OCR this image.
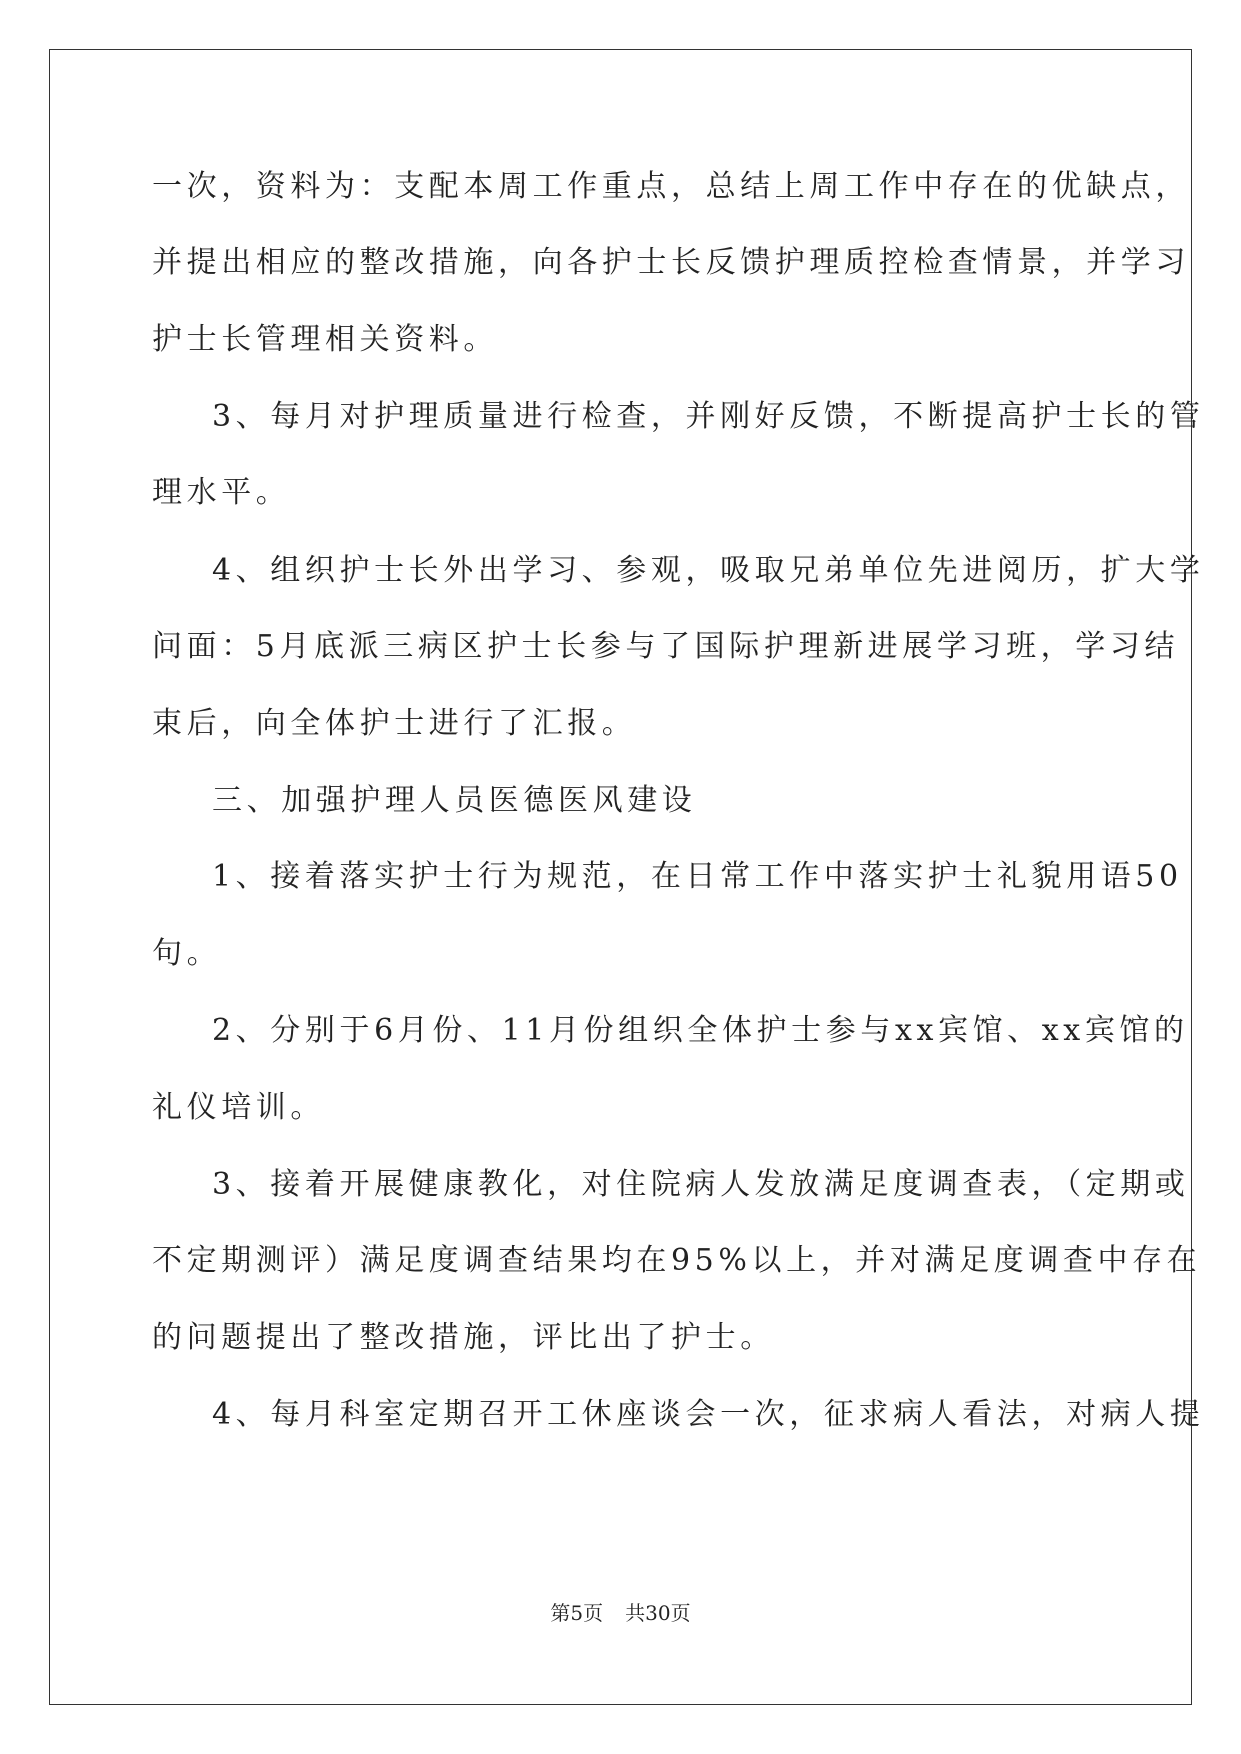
一次，资料为：支配本周工作重点，总结上周工作中存在的优缺点，
并提出相应的整改措施，向各护士长反馈护理质控检查情景，并学习
护士长管理相关资料。
3、每月对护理质量进行检查，并刚好反馈，不断提高护士长的管
理水平。
4、组织护士长外出学习、参观，吸取兄弟单位先进阅历，扩大学
问面：5月底派三病区护士长参与了国际护理新进展学习班，学习结
束后，向全体护士进行了汇报。
三、加强护理人员医德医风建设
1、接着落实护士行为规范，在日常工作中落实护士礼貌用语50
句。
2、分别于6月份、11月份组织全体护士参与xx宾馆、xx宾馆的
礼仪培训。
3、接着开展健康教化，对住院病人发放满足度调查表，（定期或
不定期测评）满足度调查结果均在95%以上，并对满足度调查中存在
的问题提出了整改措施，评比出了护士。
4、每月科室定期召开工休座谈会一次，征求病人看法，对病人提
第5页 共30页
